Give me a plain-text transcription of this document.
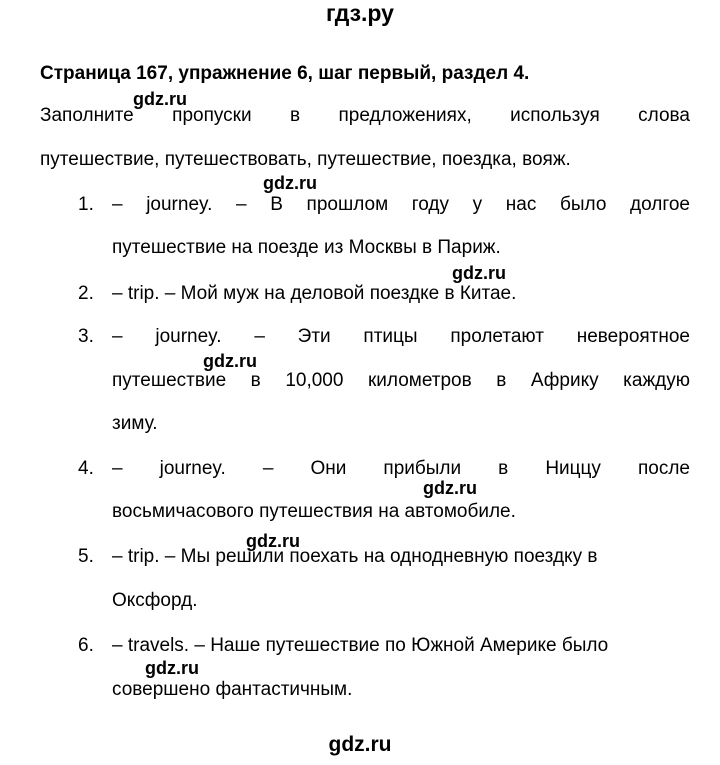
гдз.ру
Страница 167, упражнение 6, шаг первый, раздел 4.
gdz.ru
gdz.ru
gdz.ru
gdz.ru
gdz.ru
gdz.ru
gdz.ru
Заполните пропуски в предложениях, используя слова
путешествие, путешествовать, путешествие, поездка, вояж.
1. – journey. – В прошлом году у нас было долгое
путешествие на поезде из Москвы в Париж.
2. – trip. – Мой муж на деловой поездке в Китае.
3. – journey. – Эти птицы пролетают невероятное
путешествие в 10,000 километров в Африку каждую
зиму.
4. – journey. – Они прибыли в Ниццу после
восьмичасового путешествия на автомобиле.
5. – trip. – Мы решили поехать на однодневную поездку в
Оксфорд.
6. – travels. – Наше путешествие по Южной Америке было
совершено фантастичным.
gdz.ru
